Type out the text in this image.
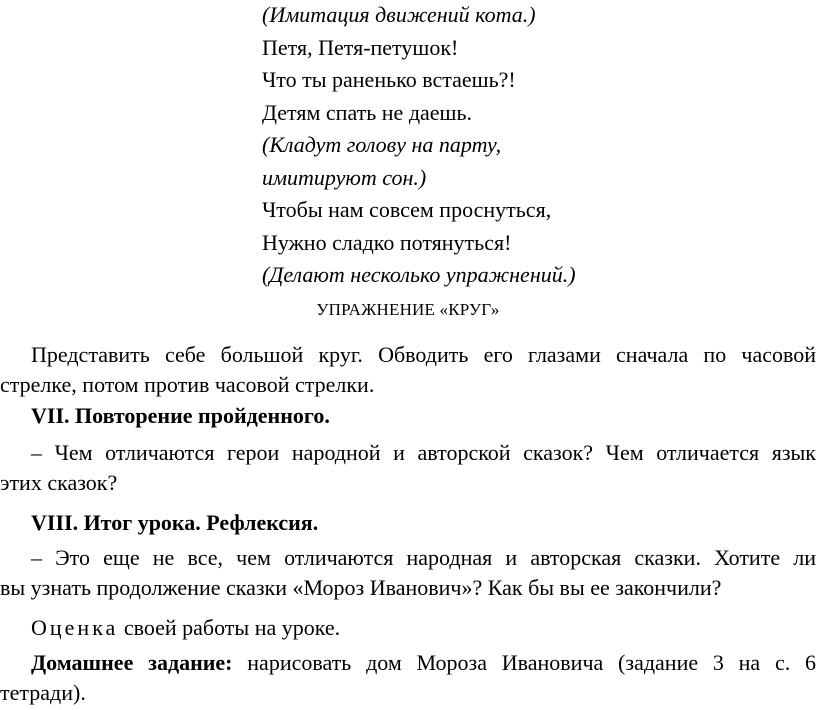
(Имитация движений кота.)
Петя, Петя-петушок!
Что ты раненько встаешь?!
Детям спать не даешь.
(Кладут голову на парту,
имитируют сон.)
Чтобы нам совсем проснуться,
Нужно сладко потянуться!
(Делают несколько упражнений.)
УПРАЖНЕНИЕ «КРУГ»
Представить себе большой круг. Обводить его глазами сначала по часовой
стрелке, потом против часовой стрелки.
VII. Повторение пройденного.
– Чем отличаются герои народной и авторской сказок? Чем отличается язык
этих сказок?
VIII. Итог урока. Рефлексия.
– Это еще не все, чем отличаются народная и авторская сказки. Хотите ли
вы узнать продолжение сказки «Мороз Иванович»? Как бы вы ее закончили?
Оценка своей работы на уроке.
Домашнее задание: нарисовать дом Мороза Ивановича (задание 3 на с. 6
тетради).
